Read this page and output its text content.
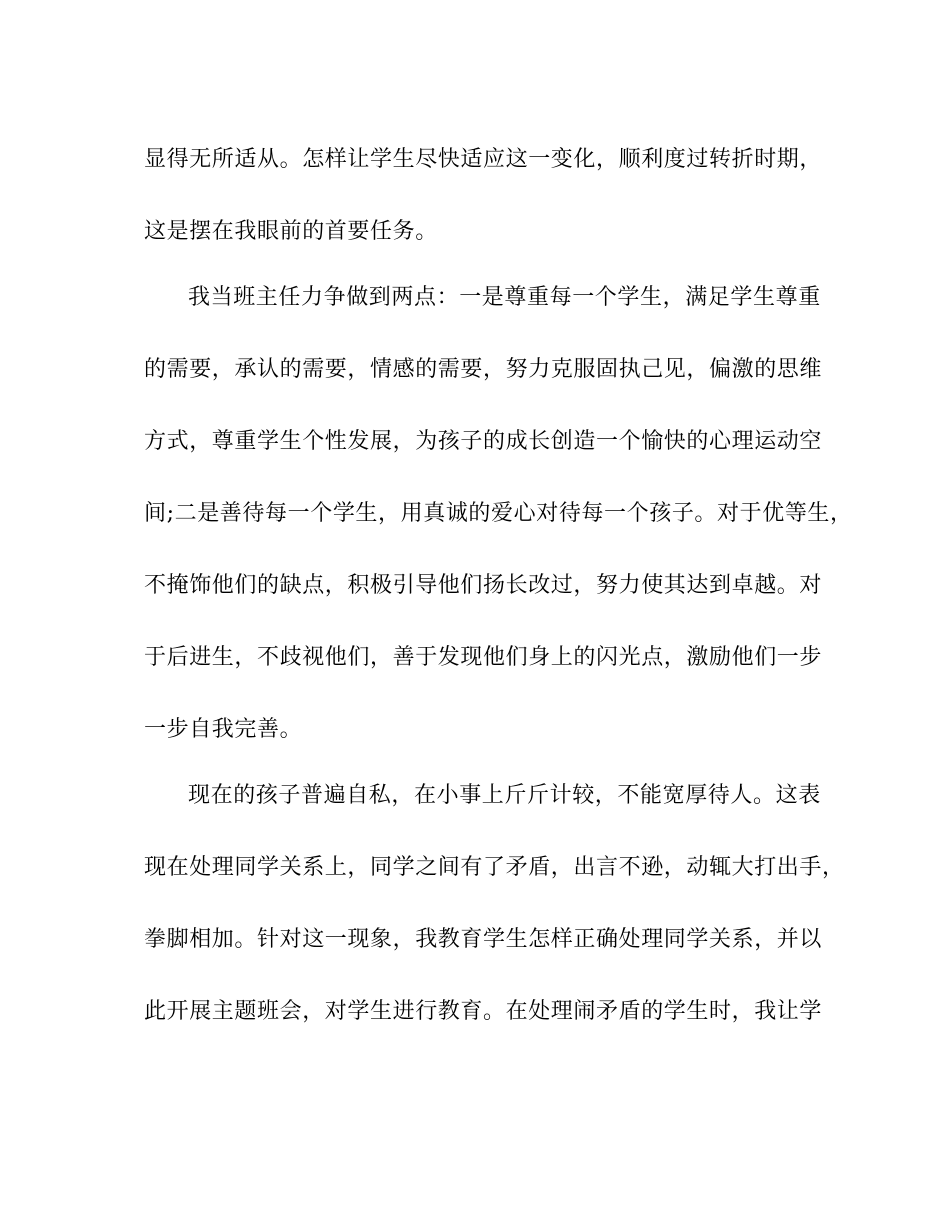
显得无所适从。怎样让学生尽快适应这一变化，顺利度过转折时期，
这是摆在我眼前的首要任务。
我当班主任力争做到两点：一是尊重每一个学生，满足学生尊重
的需要，承认的需要，情感的需要，努力克服固执己见，偏激的思维
方式，尊重学生个性发展，为孩子的成长创造一个愉快的心理运动空
间;二是善待每一个学生，用真诚的爱心对待每一个孩子。对于优等生，
不掩饰他们的缺点，积极引导他们扬长改过，努力使其达到卓越。对
于后进生，不歧视他们，善于发现他们身上的闪光点，激励他们一步
一步自我完善。
现在的孩子普遍自私，在小事上斤斤计较，不能宽厚待人。这表
现在处理同学关系上，同学之间有了矛盾，出言不逊，动辄大打出手，
拳脚相加。针对这一现象，我教育学生怎样正确处理同学关系，并以
此开展主题班会，对学生进行教育。在处理闹矛盾的学生时，我让学
